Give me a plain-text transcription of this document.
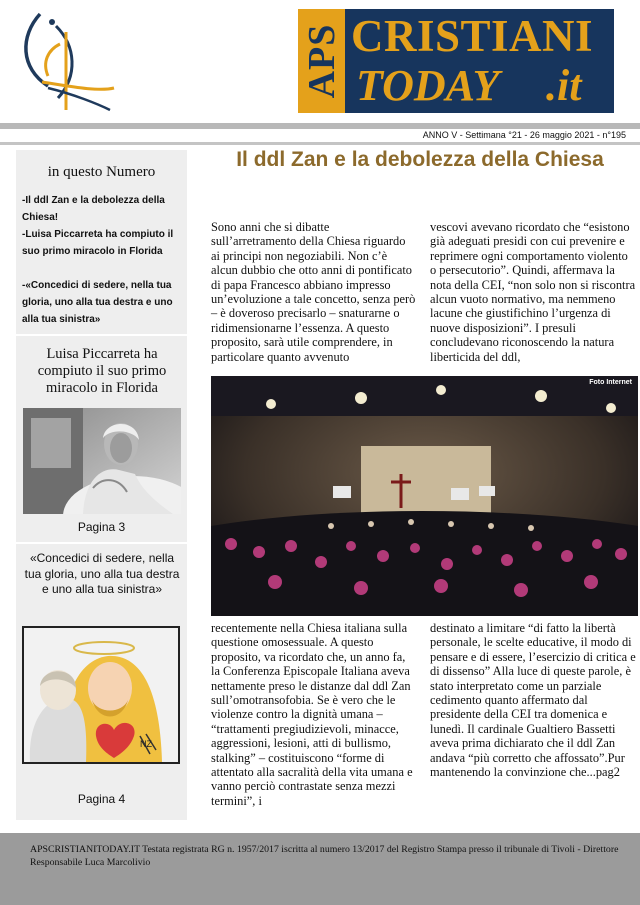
APS CRISTIANI
TODAY .it
ANNO V - Settimana °21 - 26 maggio 2021 - n°195
in questo Numero
-Il ddl Zan e la debolezza della Chiesa!
-Luisa Piccarreta ha compiuto il suo primo miracolo in Florida
-«Concedici di sedere, nella tua gloria, uno alla tua destra e uno alla tua sinistra»
Luisa Piccarreta ha compiuto il suo primo miracolo in Florida
Pagina 3
«Concedici di sedere, nella tua gloria, uno alla tua destra e uno alla tua sinistra»
NZ
Pagina 4
Il ddl Zan e la debolezza della Chiesa
Sono anni che si dibatte sull’arretramento della Chiesa riguardo ai principi non negoziabili. Non c’è alcun dubbio che otto anni di pontificato di papa Francesco abbiano impresso un’evoluzione a tale concetto, senza però – è doveroso precisarlo – snaturarne o ridimensionarne l’essenza. A questo proposito, sarà utile comprendere, in particolare quanto avvenuto
vescovi avevano ricordato che “esistono già adeguati presidi con cui prevenire e reprimere ogni comportamento violento o persecutorio”. Quindi, affermava la nota della CEI, “non solo non si riscontra alcun vuoto normativo, ma nemmeno lacune che giustifichino l’urgenza di nuove disposizioni”. I presuli concludevano riconoscendo la natura liberticida del ddl,
Foto Internet
recentemente nella Chiesa italiana sulla questione omosessuale. A questo proposito, va ricordato che, un anno fa, la Conferenza Episcopale Italiana aveva nettamente preso le distanze dal ddl Zan sull’omotransofobia. Se è vero che le violenze contro la dignità umana – “trattamenti pregiudizievoli, minacce, aggressioni, lesioni, atti di bullismo, stalking” – costituiscono “forme di attentato alla sacralità della vita umana e vanno perciò contrastate senza mezzi termini”, i
destinato a limitare “di fatto la libertà personale, le scelte educative, il modo di pensare e di essere, l’esercizio di critica e di dissenso” Alla luce di queste parole, è stato interpretato come un parziale cedimento quanto affermato dal presidente della CEI tra domenica e lunedì. Il cardinale Gualtiero Bassetti aveva prima dichiarato che il ddl Zan andava “più corretto che affossato”.Pur mantenendo la convinzione che...pag2
APSCRISTIANITODAY.IT Testata registrata RG n. 1957/2017 iscritta al numero 13/2017 del Registro Stampa presso il tribunale di Tivoli - Direttore Responsabile Luca Marcolivio
